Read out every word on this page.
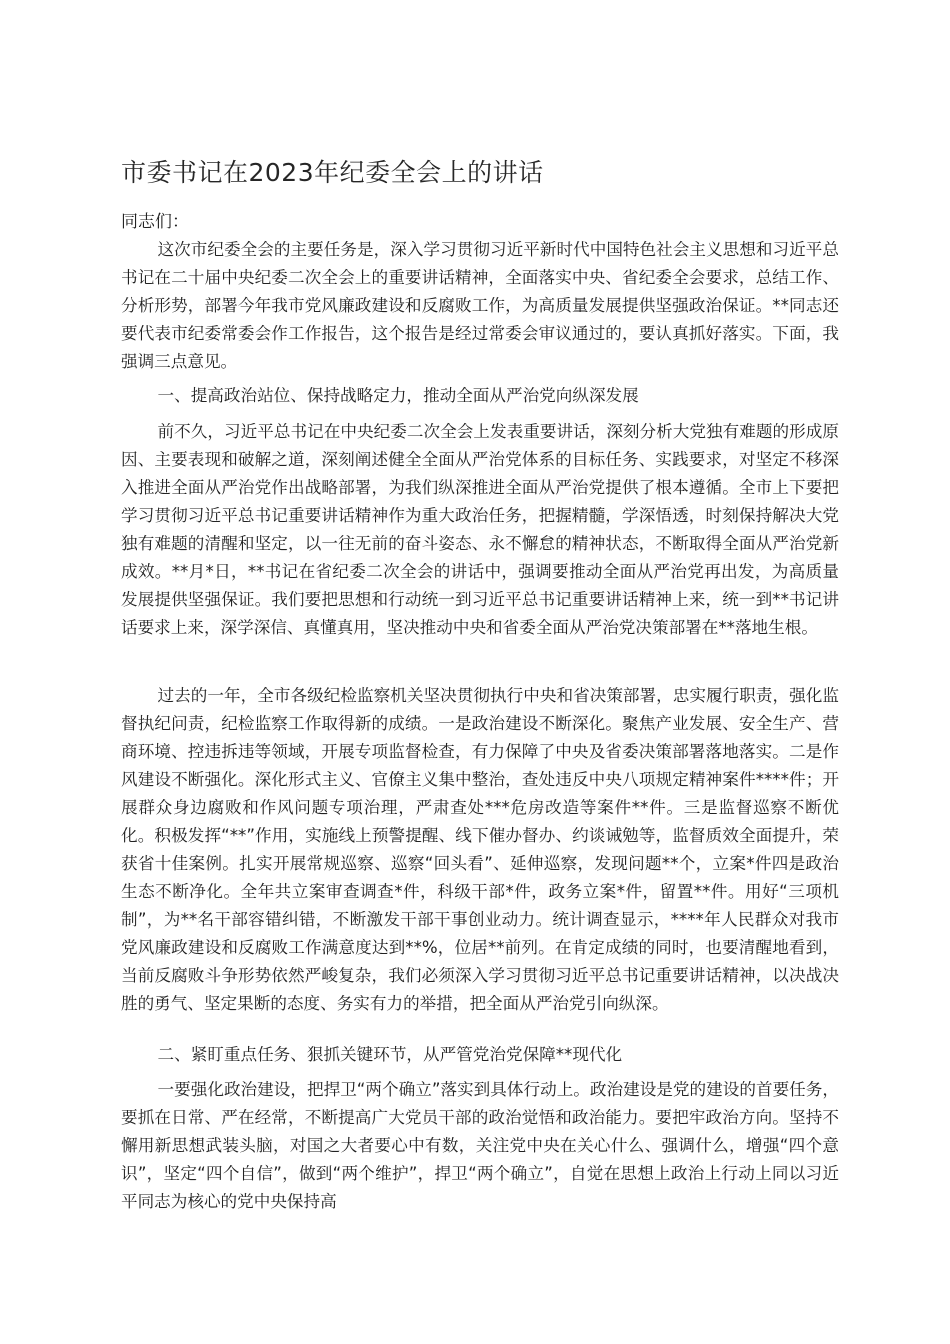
市委书记在2023年纪委全会上的讲话
同志们：
这次市纪委全会的主要任务是，深入学习贯彻习近平新时代中国特色社会主义思想和习近平总书记在二十届中央纪委二次全会上的重要讲话精神，全面落实中央、省纪委全会要求，总结工作、分析形势，部署今年我市党风廉政建设和反腐败工作，为高质量发展提供坚强政治保证。**同志还要代表市纪委常委会作工作报告，这个报告是经过常委会审议通过的，要认真抓好落实。下面，我强调三点意见。
一、提高政治站位、保持战略定力，推动全面从严治党向纵深发展
前不久，习近平总书记在中央纪委二次全会上发表重要讲话，深刻分析大党独有难题的形成原因、主要表现和破解之道，深刻阐述健全全面从严治党体系的目标任务、实践要求，对坚定不移深入推进全面从严治党作出战略部署，为我们纵深推进全面从严治党提供了根本遵循。全市上下要把学习贯彻习近平总书记重要讲话精神作为重大政治任务，把握精髓，学深悟透，时刻保持解决大党独有难题的清醒和坚定，以一往无前的奋斗姿态、永不懈怠的精神状态，不断取得全面从严治党新成效。**月*日，**书记在省纪委二次全会的讲话中，强调要推动全面从严治党再出发，为高质量发展提供坚强保证。我们要把思想和行动统一到习近平总书记重要讲话精神上来，统一到**书记讲话要求上来，深学深信、真懂真用，坚决推动中央和省委全面从严治党决策部署在**落地生根。
过去的一年，全市各级纪检监察机关坚决贯彻执行中央和省决策部署，忠实履行职责，强化监督执纪问责，纪检监察工作取得新的成绩。一是政治建设不断深化。聚焦产业发展、安全生产、营商环境、控违拆违等领域，开展专项监督检查，有力保障了中央及省委决策部署落地落实。二是作风建设不断强化。深化形式主义、官僚主义集中整治，查处违反中央八项规定精神案件****件；开展群众身边腐败和作风问题专项治理，严肃查处***危房改造等案件**件。三是监督巡察不断优化。积极发挥“**”作用，实施线上预警提醒、线下催办督办、约谈诫勉等，监督质效全面提升，荣获省十佳案例。扎实开展常规巡察、巡察“回头看”、延伸巡察，发现问题**个，立案*件四是政治生态不断净化。全年共立案审查调查*件，科级干部*件，政务立案*件，留置**件。用好“三项机制”，为**名干部容错纠错，不断激发干部干事创业动力。统计调查显示，****年人民群众对我市党风廉政建设和反腐败工作满意度达到**%，位居**前列。在肯定成绩的同时，也要清醒地看到，当前反腐败斗争形势依然严峻复杂，我们必须深入学习贯彻习近平总书记重要讲话精神，以决战决胜的勇气、坚定果断的态度、务实有力的举措，把全面从严治党引向纵深。
二、紧盯重点任务、狠抓关键环节，从严管党治党保障**现代化
一要强化政治建设，把捍卫“两个确立”落实到具体行动上。政治建设是党的建设的首要任务，要抓在日常、严在经常，不断提高广大党员干部的政治觉悟和政治能力。要把牢政治方向。坚持不懈用新思想武装头脑，对国之大者要心中有数，关注党中央在关心什么、强调什么，增强“四个意识”，坚定“四个自信”，做到“两个维护”，捍卫“两个确立”，自觉在思想上政治上行动上同以习近平同志为核心的党中央保持高
